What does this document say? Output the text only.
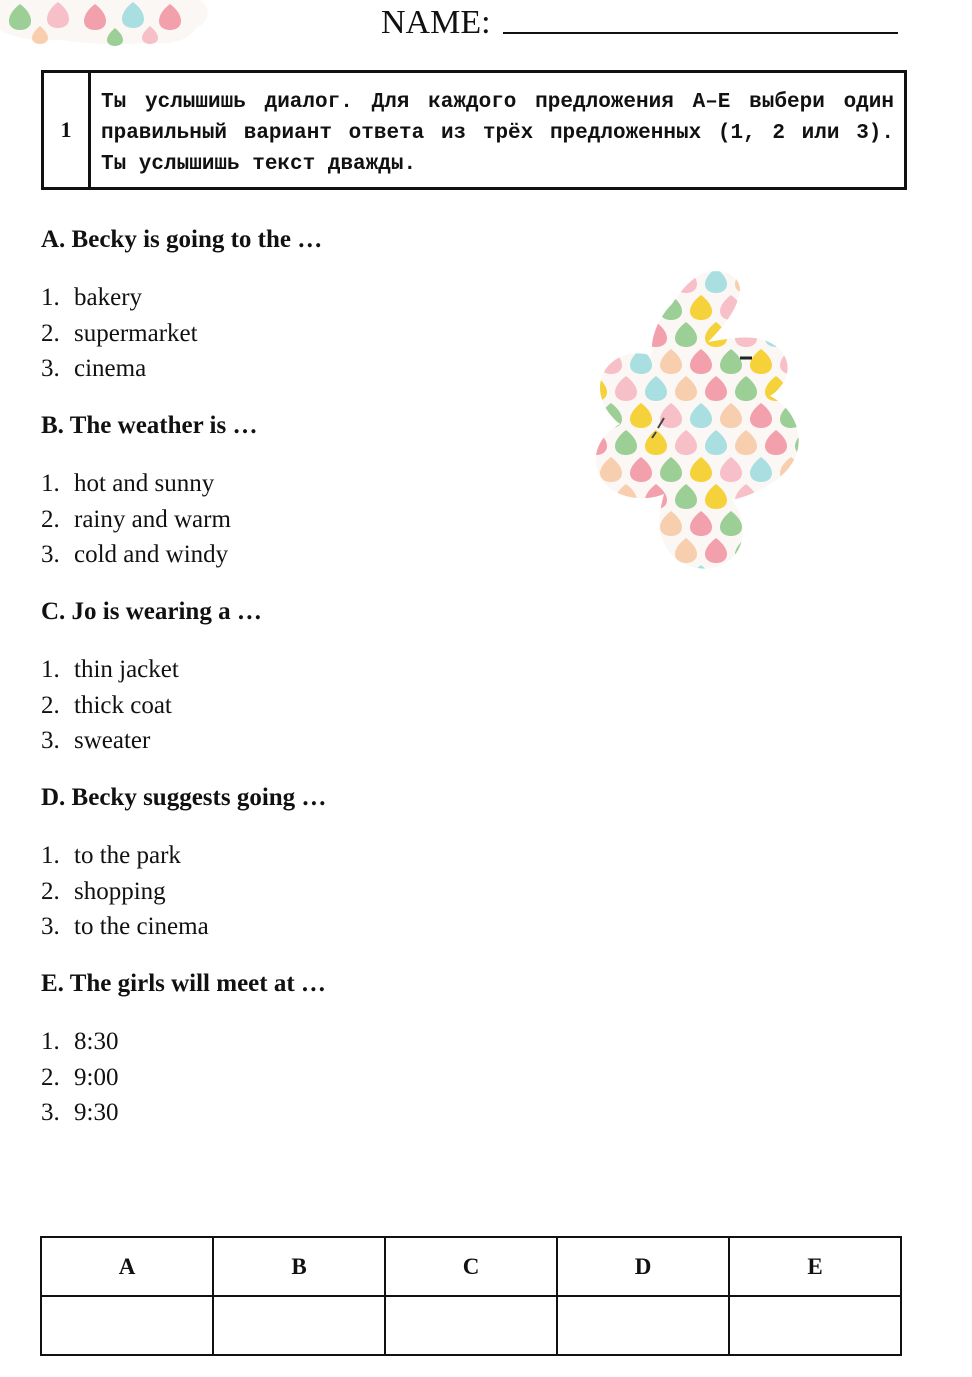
NAME:
1
Ты услышишь диалог. Для каждого предложения A–E выбери один правильный вариант ответа из трёх предложенных (1, 2 или 3). Ты услышишь текст дважды.
A. Becky is going to the …
1. bakery
2. supermarket
3. cinema
B. The weather is …
1. hot and sunny
2. rainy and warm
3. cold and windy
C. Jo is wearing a …
1. thin jacket
2. thick coat
3. sweater
D. Becky suggests going …
1. to the park
2. shopping
3. to the cinema
E. The girls will meet at …
1. 8:30
2. 9:00
3. 9:30
A	B	C	D	E
